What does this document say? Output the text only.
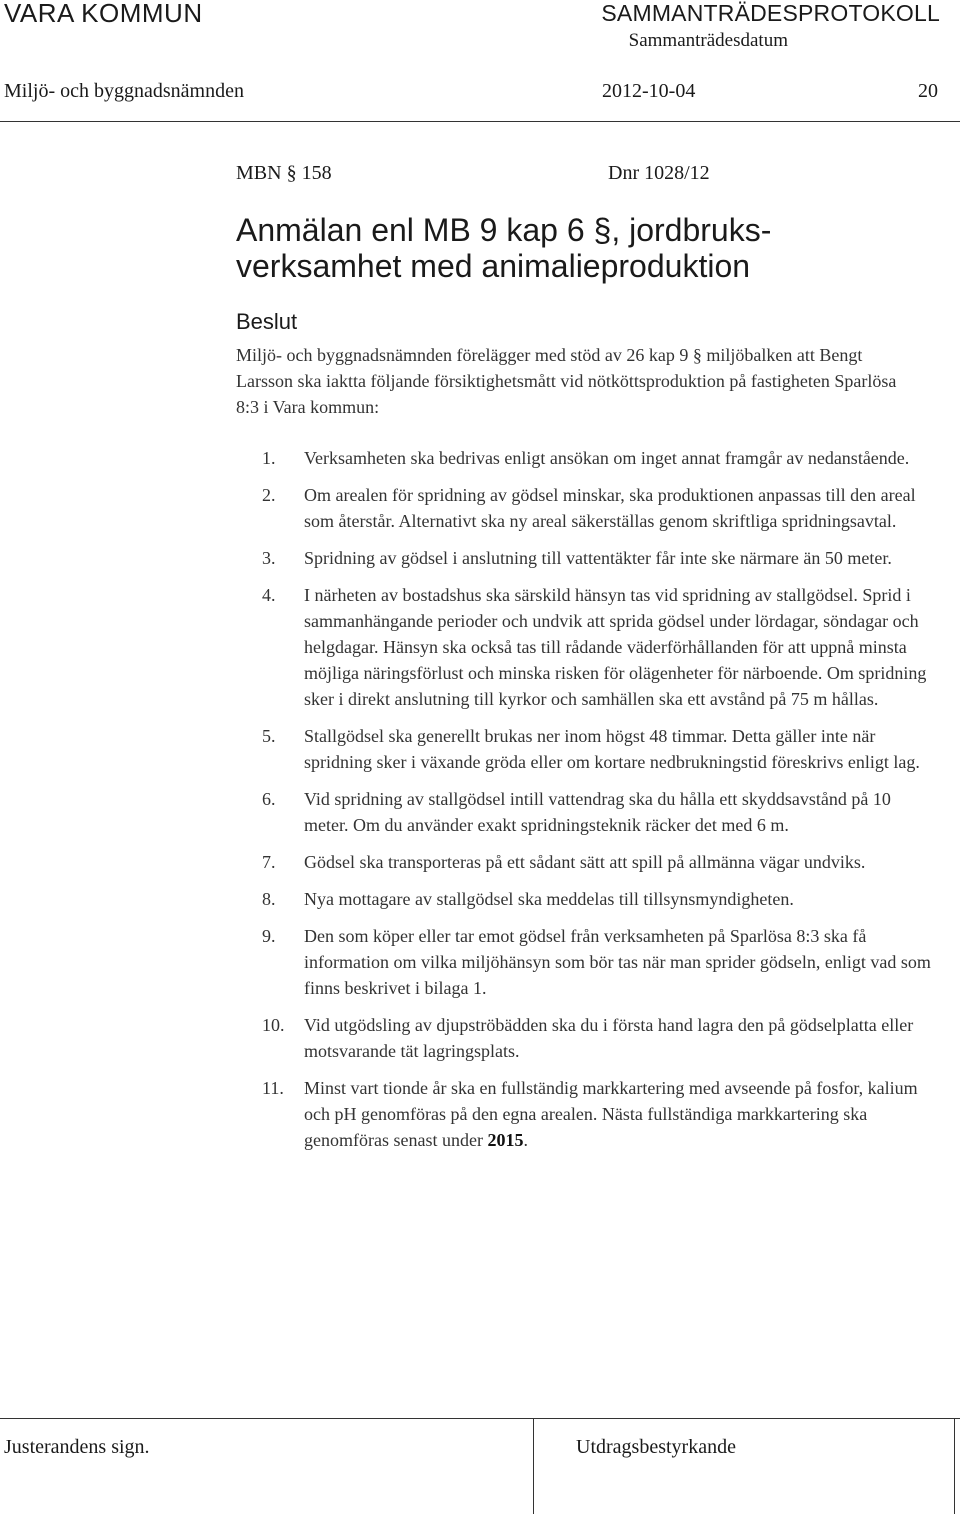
VARA KOMMUN	SAMMANTRÄDESPROTOKOLL
Sammanträdesdatum
Miljö- och byggnadsnämnden	2012-10-04	20
MBN § 158	Dnr 1028/12
Anmälan enl MB 9 kap 6 §, jordbruks-verksamhet med animalieproduktion
Beslut
Miljö- och byggnadsnämnden förelägger med stöd av 26 kap 9 § miljöbalken att Bengt Larsson ska iaktta följande försiktighetsmått vid nötköttsproduktion på fastigheten Sparlösa 8:3 i Vara kommun:
1.	Verksamheten ska bedrivas enligt ansökan om inget annat framgår av nedanstående.
2.	Om arealen för spridning av gödsel minskar, ska produktionen anpassas till den areal som återstår. Alternativt ska ny areal säkerställas genom skriftliga spridningsavtal.
3.	Spridning av gödsel i anslutning till vattentäkter får inte ske närmare än 50 meter.
4.	I närheten av bostadshus ska särskild hänsyn tas vid spridning av stallgödsel. Sprid i sammanhängande perioder och undvik att sprida gödsel under lördagar, söndagar och helgdagar. Hänsyn ska också tas till rådande väderförhållanden för att uppnå minsta möjliga näringsförlust och minska risken för olägenheter för närboende. Om spridning sker i direkt anslutning till kyrkor och samhällen ska ett avstånd på 75 m hållas.
5.	Stallgödsel ska generellt brukas ner inom högst 48 timmar. Detta gäller inte när spridning sker i växande gröda eller om kortare nedbrukningstid föreskrivs enligt lag.
6.	Vid spridning av stallgödsel intill vattendrag ska du hålla ett skyddsavstånd på 10 meter. Om du använder exakt spridningsteknik räcker det med 6 m.
7.	Gödsel ska transporteras på ett sådant sätt att spill på allmänna vägar undviks.
8.	Nya mottagare av stallgödsel ska meddelas till tillsynsmyndigheten.
9.	Den som köper eller tar emot gödsel från verksamheten på Sparlösa 8:3 ska få information om vilka miljöhänsyn som bör tas när man sprider gödseln, enligt vad som finns beskrivet i bilaga 1.
10.	Vid utgödsling av djupströbädden ska du i första hand lagra den på gödselplatta eller motsvarande tät lagringsplats.
11.	Minst vart tionde år ska en fullständig markkartering med avseende på fosfor, kalium och pH genomföras på den egna arealen. Nästa fullständiga markkartering ska genomföras senast under 2015.
Justerandens sign.	Utdragsbestyrkande
